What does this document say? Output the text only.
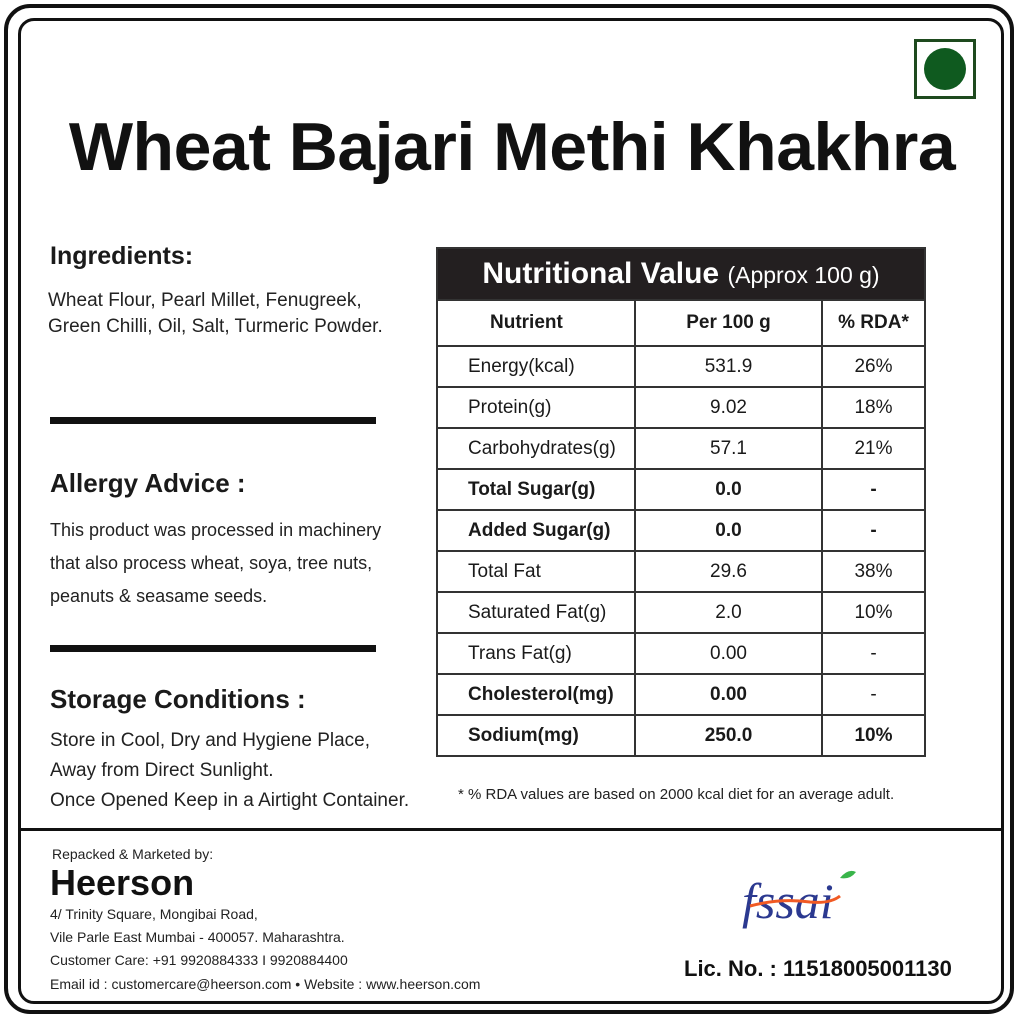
Wheat Bajari Methi Khakhra
Ingredients:
Wheat Flour, Pearl Millet, Fenugreek,
Green Chilli, Oil, Salt, Turmeric Powder.
Allergy Advice :
This product was processed in machinery
that also process wheat, soya, tree nuts,
peanuts & seasame seeds.
Storage Conditions :
Store in Cool, Dry and Hygiene Place,
Away from Direct Sunlight.
Once Opened Keep in a Airtight Container.
Nutritional Value (Approx 100 g)		
Nutrient	Per 100 g	% RDA*
Energy(kcal)	531.9	26%
Protein(g)	9.02	18%
Carbohydrates(g)	57.1	21%
Total Sugar(g)	0.0	-
Added Sugar(g)	0.0	-
Total Fat	29.6	38%
Saturated Fat(g)	2.0	10%
Trans Fat(g)	0.00	-
Cholesterol(mg)	0.00	-
Sodium(mg)	250.0	10%
* % RDA values are based on 2000 kcal diet for an average adult.
Repacked & Marketed by:
Heerson
4/ Trinity Square, Mongibai Road,
Vile Parle East Mumbai - 400057. Maharashtra.
Customer Care: +91 9920884333 I 9920884400
Email id : customercare@heerson.com • Website : www.heerson.com
fssai
Lic. No. : 11518005001130
